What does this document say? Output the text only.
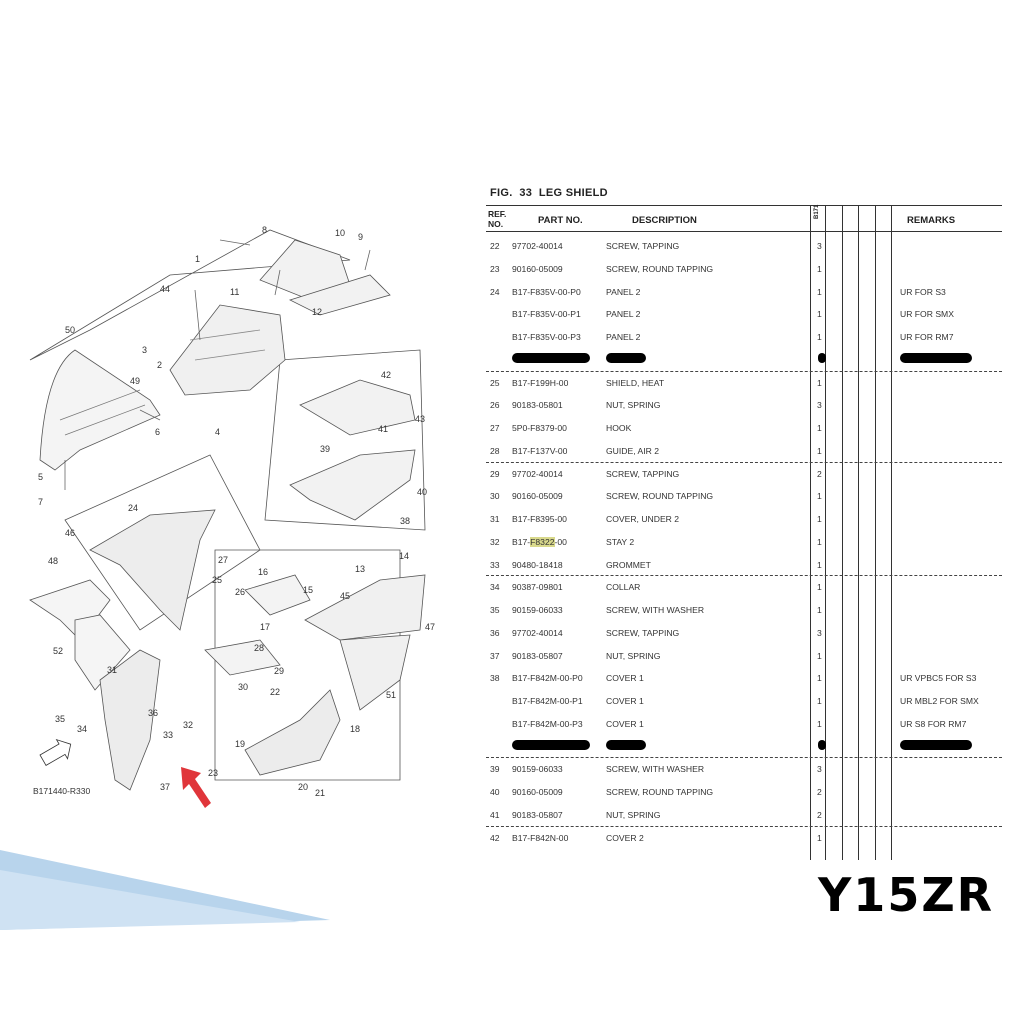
1
2
3
4
5
6
7
8
9
10
11
12
13
14
15
16
17
18
19
20
21
22
23
24
25
26
27
28
29
30
31
32
33
34
35
36
37
38
39
40
41
42
43
44
45
46
47
48
49
50
51
52
B171440-R330
FIG. 33 LEG SHIELD
REF. NO.	PART NO.	DESCRIPTION
B171
REMARKS
22 97702-40014	SCREW, TAPPING	3
23 90160-05009	SCREW, ROUND TAPPING	1
24 B17-F835V-00-P0	PANEL 2	1	UR FOR S3
B17-F835V-00-P1	PANEL 2	1	UR FOR SMX
B17-F835V-00-P3	PANEL 2	1	UR FOR RM7
25 B17-F199H-00	SHIELD, HEAT	1
26 90183-05801	NUT, SPRING	3
27 5P0-F8379-00	HOOK	1
28 B17-F137V-00	GUIDE, AIR 2	1
29 97702-40014	SCREW, TAPPING	2
30 90160-05009	SCREW, ROUND TAPPING	1
31 B17-F8395-00	COVER, UNDER 2	1
32 B17-F8322-00	STAY 2	1
33 90480-18418	GROMMET	1
34 90387-09801	COLLAR	1
35 90159-06033	SCREW, WITH WASHER	1
36 97702-40014	SCREW, TAPPING	3
37 90183-05807	NUT, SPRING	1
38 B17-F842M-00-P0	COVER 1	1	UR VPBC5 FOR S3
B17-F842M-00-P1	COVER 1	1	UR MBL2 FOR SMX
B17-F842M-00-P3	COVER 1	1	UR S8 FOR RM7
39 90159-06033	SCREW, WITH WASHER	3
40 90160-05009	SCREW, ROUND TAPPING	2
41 90183-05807	NUT, SPRING	2
42 B17-F842N-00	COVER 2	1
Y15ZR
